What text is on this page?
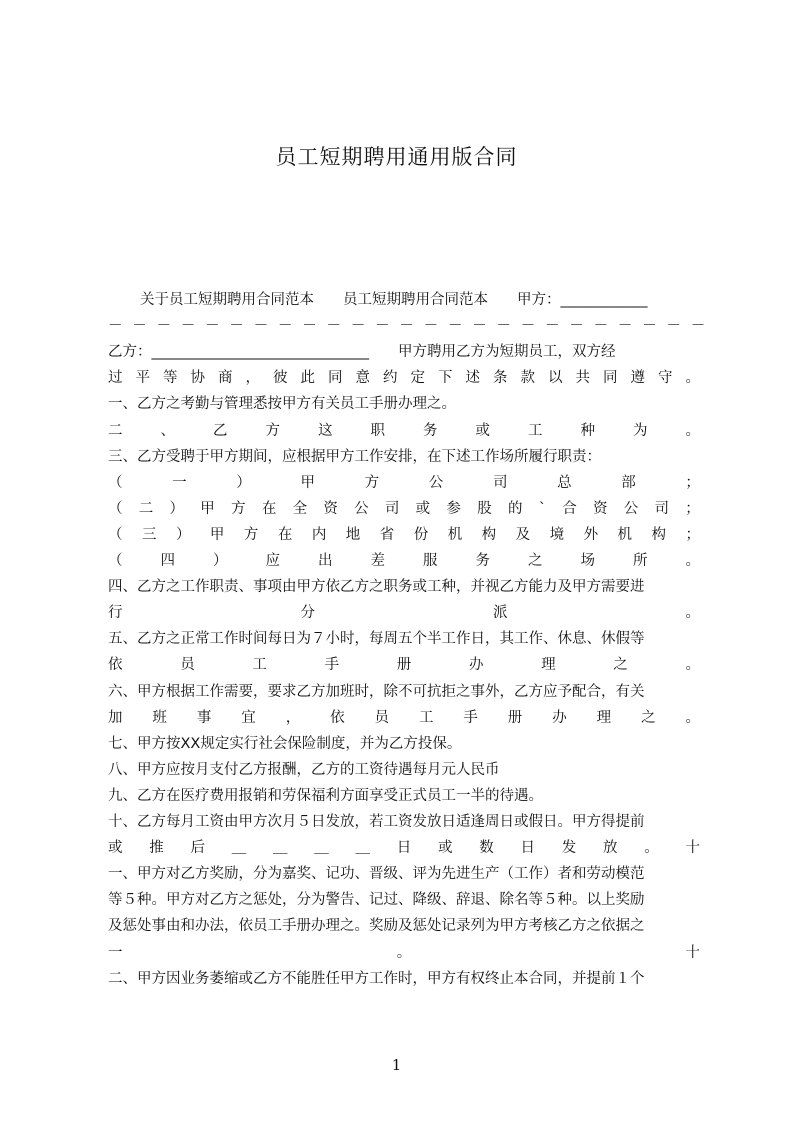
员工短期聘用通用版合同
关于员工短期聘用合同范本　　员工短期聘用合同范本　　甲方：____________
－ － － － － － － － － － － － － － － － － － － － － － － － －
乙方：______________________________　　甲方聘用乙方为短期员工，双方经
过 平 等 协 商 ， 彼 此 同 意 约 定 下 述 条 款 以 共 同 遵 守 。
一、乙方之考勤与管理悉按甲方有关员工手册办理之。
二	、	乙	方	这	职	务	或	工	种	为	。
三、乙方受聘于甲方期间，应根据甲方工作安排，在下述工作场所履行职责：
（	一	）	甲	方	公	司	总	部	；
（ 二 ） 甲 方 在 全 资 公 司 或 参 股 的 ` 合 资 公 司 ；
（ 三 ） 甲 方 在 内 地 省 份 机 构 及 境 外 机 构 ；
（	四	）	应	出	差	服	务	之	场	所	。
四、乙方之工作职责、事项由甲方依乙方之职务或工种，并视乙方能力及甲方需要进
行	分	派	。
五、乙方之正常工作时间每日为７小时，每周五个半工作日，其工作、休息、休假等
依	员	工	手	册	办	理	之	。
六、甲方根据工作需要，要求乙方加班时，除不可抗拒之事外，乙方应予配合，有关
加 班 事 宜 ， 依 员 工 手 册 办 理 之 。
七、甲方按XX规定实行社会保险制度，并为乙方投保。
八、甲方应按月支付乙方报酬，乙方的工资待遇每月元人民币
九、乙方在医疗费用报销和劳保福利方面享受正式员工一半的待遇。
十、乙方每月工资由甲方次月５日发放，若工资发放日适逢周日或假日。甲方得提前
或 推 后 ＿ ＿ ＿ ＿ 日 或 数 日 发 放 。 十
一、甲方对乙方奖励，分为嘉奖、记功、晋级、评为先进生产（工作）者和劳动模范
等５种。甲方对乙方之惩处，分为警告、记过、降级、辞退、除名等５种。以上奖励
及惩处事由和办法，依员工手册办理之。奖励及惩处记录列为甲方考核乙方之依据之
一	。	十
二、甲方因业务萎缩或乙方不能胜任甲方工作时，甲方有权终止本合同，并提前１个
1
